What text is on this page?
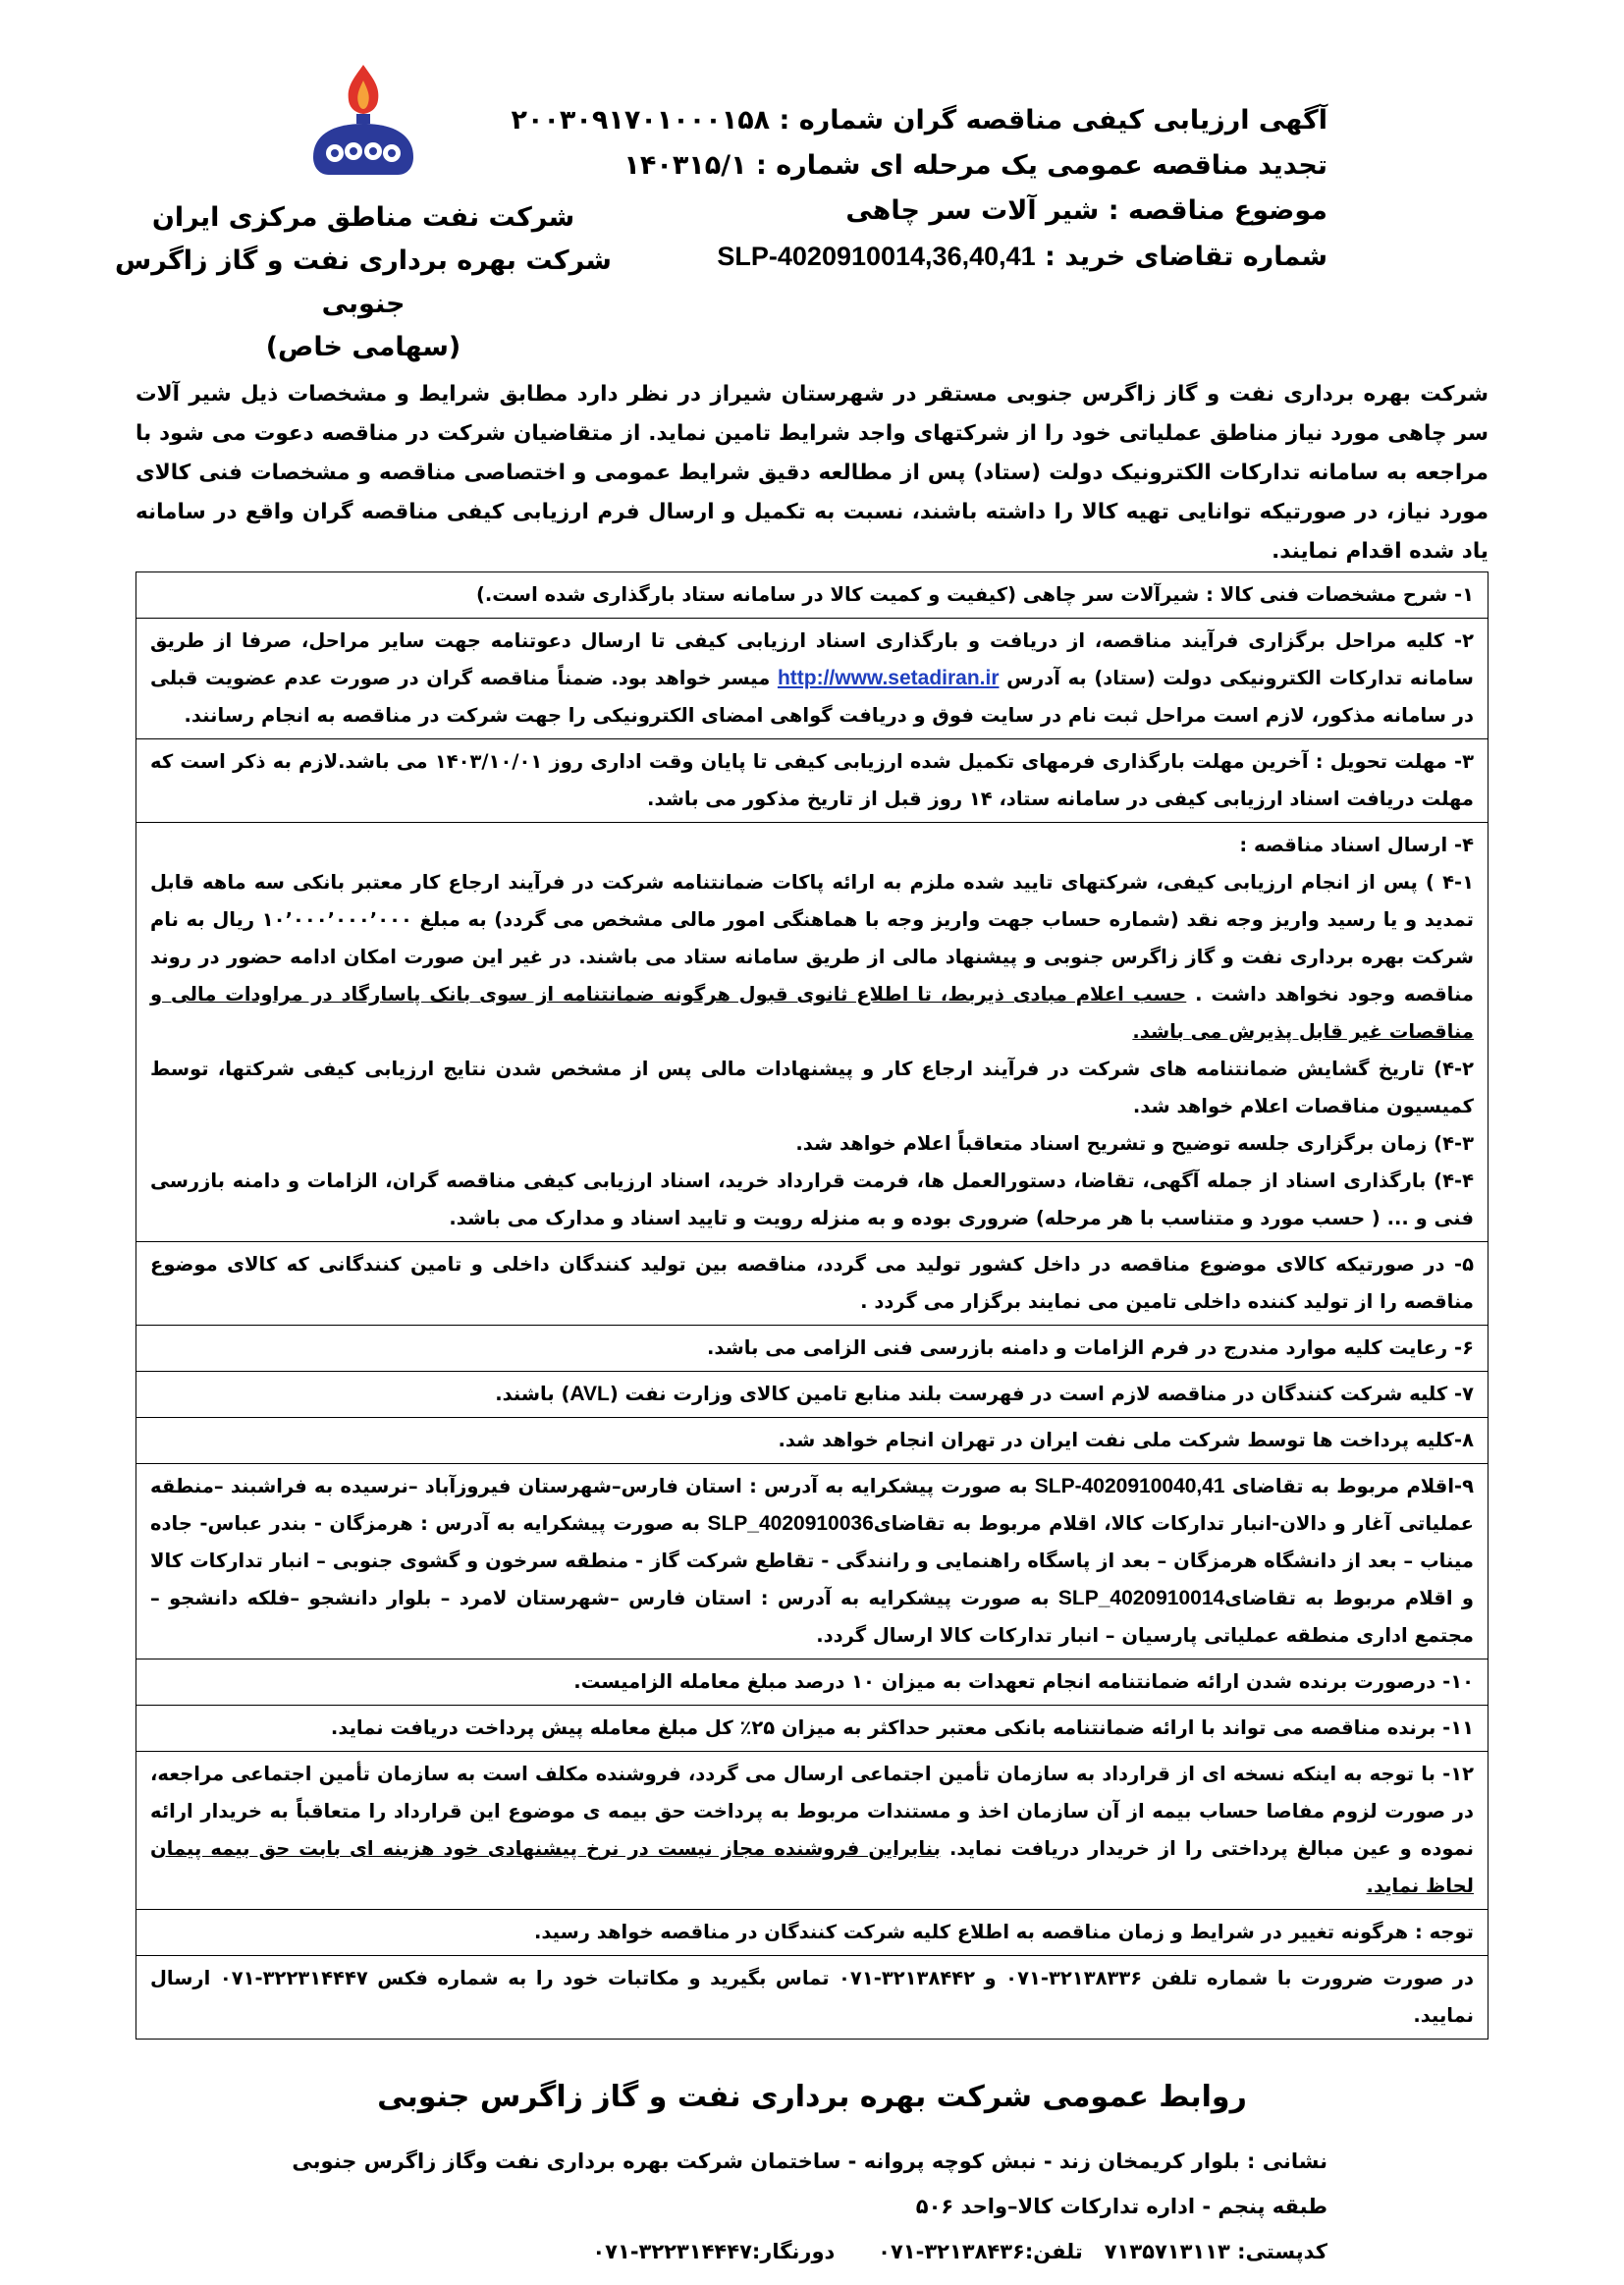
شرکت نفت مناطق مرکزی ایران

شرکت بهره برداری نفت و گاز زاگرس جنوبی

(سهامی خاص)

آگهی ارزیابی کیفی مناقصه گران شماره : ۲۰۰۳۰۹۱۷۰۱۰۰۰۱۵۸

تجدید مناقصه عمومی یک مرحله ای شماره : ۱۴۰۳۱۵/۱

موضوع مناقصه : شیر آلات سر چاهی

شماره تقاضای خرید : SLP-4020910014,36,40,41

شرکت بهره برداری نفت و گاز زاگرس جنوبی مستقر در شهرستان شیراز در نظر دارد مطابق شرایط و مشخصات ذیل شیر آلات سر چاهی مورد نیاز مناطق عملیاتی خود را از شرکتهای واجد شرایط تامین نماید. از متقاضیان شرکت در مناقصه دعوت می شود با مراجعه به سامانه تدارکات الکترونیک دولت (ستاد) پس از مطالعه دقیق شرایط عمومی و اختصاصی مناقصه و مشخصات فنی کالای مورد نیاز، در صورتیکه توانایی تهیه کالا را داشته باشند، نسبت به تکمیل و ارسال فرم ارزیابی کیفی مناقصه گران واقع در سامانه یاد شده اقدام نمایند.

۱- شرح مشخصات فنی کالا : شیرآلات سر چاهی (کیفیت و کمیت کالا در سامانه ستاد بارگذاری شده است.)
۲- کلیه مراحل برگزاری فرآیند مناقصه، از دریافت و بارگذاری اسناد ارزیابی کیفی تا ارسال دعوتنامه جهت سایر مراحل، صرفا از طریق سامانه تدارکات الکترونیکی دولت (ستاد) به آدرس http://www.setadiran.ir میسر خواهد بود. ضمناً مناقصه گران در صورت عدم عضویت قبلی در سامانه مذکور، لازم است مراحل ثبت نام در سایت فوق و دریافت گواهی امضای الکترونیکی را جهت شرکت در مناقصه به انجام رسانند.
۳- مهلت تحویل : آخرین مهلت بارگذاری فرمهای تکمیل شده ارزیابی کیفی تا پایان وقت اداری روز ۱۴۰۳/۱۰/۰۱ می باشد.لازم به ذکر است که مهلت دریافت اسناد ارزیابی کیفی در سامانه ستاد، ۱۴ روز قبل از تاریخ مذکور می باشد.

۴- ارسال اسناد مناقصه :

۴-۱ ) پس از انجام ارزیابی کیفی، شرکتهای تایید شده ملزم به ارائه پاکات ضمانتنامه شرکت در فرآیند ارجاع کار معتبر بانکی سه ماهه قابل تمدید و یا رسید واریز وجه نقد (شماره حساب جهت واریز وجه با هماهنگی امور مالی مشخص می گردد) به مبلغ ۱۰٬۰۰۰٬۰۰۰٬۰۰۰ ریال به نام شرکت بهره برداری نفت و گاز زاگرس جنوبی و پیشنهاد مالی از طریق سامانه ستاد می باشند. در غیر این صورت امکان ادامه حضور در روند مناقصه وجود نخواهد داشت . حسب اعلام مبادی ذیربط، تا اطلاع ثانوی قبول هرگونه ضمانتنامه از سوی بانک پاسارگاد در مراودات مالی و مناقصات غیر قابل پذیرش می باشد.

۴-۲) تاریخ گشایش ضمانتنامه های شرکت در فرآیند ارجاع کار و پیشنهادات مالی پس از مشخص شدن نتایج ارزیابی کیفی شرکتها، توسط کمیسیون مناقصات اعلام خواهد شد.

۴-۳) زمان برگزاری جلسه توضیح و تشریح اسناد متعاقباً اعلام خواهد شد.

۴-۴) بارگذاری اسناد از جمله آگهی، تقاضا، دستورالعمل ها، فرمت قرارداد خرید، اسناد ارزیابی کیفی مناقصه گران، الزامات و دامنه بازرسی فنی و ... ( حسب مورد و متناسب با هر مرحله) ضروری بوده و به منزله رویت و تایید اسناد و مدارک می باشد.

۵- در صورتیکه کالای موضوع مناقصه در داخل کشور تولید می گردد، مناقصه بین تولید کنندگان داخلی و تامین کنندگانی که کالای موضوع مناقصه را از تولید کننده داخلی تامین می نمایند برگزار می گردد .
۶- رعایت کلیه موارد مندرج در فرم الزامات و دامنه بازرسی فنی الزامی می باشد.
۷- کلیه شرکت کنندگان در مناقصه لازم است در فهرست بلند منابع تامین کالای وزارت نفت (AVL) باشند.
۸-کلیه پرداخت ها توسط شرکت ملی نفت ایران در تهران انجام خواهد شد.
۹-اقلام مربوط به تقاضای SLP-4020910040,41 به صورت پیشکرایه به آدرس : استان فارس–شهرستان فیروزآباد –نرسیده به فراشبند –منطقه عملیاتی آغار و دالان-انبار تدارکات کالا، اقلام مربوط به تقاضایSLP_4020910036 به صورت پیشکرایه به آدرس : هرمزگان - بندر عباس- جاده میناب – بعد از دانشگاه هرمزگان – بعد از پاسگاه راهنمایی و رانندگی - تقاطع شرکت گاز - منطقه سرخون و گشوی جنوبی – انبار تدارکات کالا و اقلام مربوط به تقاضایSLP_4020910014 به صورت پیشکرایه به آدرس : استان فارس –شهرستان لامرد – بلوار دانشجو –فلکه دانشجو –مجتمع اداری منطقه عملیاتی پارسیان – انبار تدارکات کالا ارسال گردد.
۱۰- درصورت برنده شدن ارائه ضمانتنامه انجام تعهدات به میزان ۱۰ درصد مبلغ معامله الزامیست.
۱۱- برنده مناقصه می تواند با ارائه ضمانتنامه بانکی معتبر حداکثر به میزان ۲۵٪ کل مبلغ معامله پیش پرداخت دریافت نماید.
۱۲- با توجه به اینکه نسخه ای از قرارداد به سازمان تأمین اجتماعی ارسال می گردد، فروشنده مکلف است به سازمان تأمین اجتماعی مراجعه، در صورت لزوم مفاصا حساب بیمه از آن سازمان اخذ و مستندات مربوط به پرداخت حق بیمه ی موضوع این قرارداد را متعاقباً به خریدار ارائه نموده و عین مبالغ پرداختی را از خریدار دریافت نماید. بنابراین فروشنده مجاز نیست در نرخ پیشنهادی خود هزینه ای بابت حق بیمه پیمان لحاظ نماید.
توجه : هرگونه تغییر در شرایط و زمان مناقصه به اطلاع کلیه شرکت کنندگان در مناقصه خواهد رسید.
در صورت ضرورت با شماره تلفن ۳۲۱۳۸۳۳۶-۰۷۱ و ۳۲۱۳۸۴۴۲-۰۷۱ تماس بگیرید و مکاتبات خود را به شماره فکس ۳۲۲۳۱۴۴۴۷-۰۷۱ ارسال نمایید.
روابط عمومی شرکت بهره برداری نفت و گاز زاگرس جنوبی

نشانی : بلوار کریمخان زند - نبش کوچه پروانه - ساختمان شرکت بهره برداری نفت وگاز زاگرس جنوبی

طبقه پنجم - اداره تدارکات کالا–واحد ۵۰۶

کدپستی: ۷۱۳۵۷۱۳۱۱۳   تلفن:۳۲۱۳۸۴۳۶-۰۷۱      دورنگار:۳۲۲۳۱۴۴۴۷-۰۷۱
